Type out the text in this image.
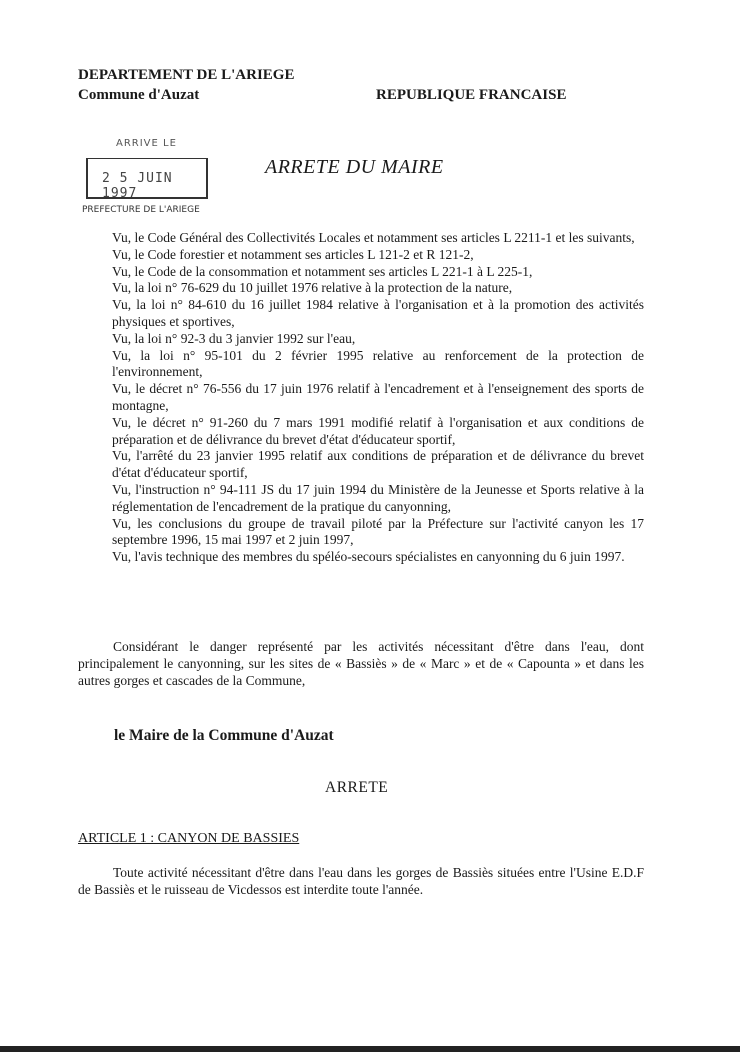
DEPARTEMENT DE L'ARIEGE
Commune d'Auzat	REPUBLIQUE FRANCAISE
ARRIVE LE
2 5 JUIN 1997
PREFECTURE DE L'ARIEGE
ARRETE DU MAIRE
Vu, le Code Général des Collectivités Locales et notamment ses articles L 2211-1 et les suivants,
Vu, le Code forestier et notamment ses articles L 121-2 et R 121-2,
Vu, le Code de la consommation et notamment ses articles L 221-1 à L 225-1,
Vu, la loi n° 76-629 du 10 juillet 1976 relative à la protection de la nature,
Vu, la loi n° 84-610 du 16 juillet 1984 relative à l'organisation et à la promotion des activités physiques et sportives,
Vu, la loi n° 92-3 du 3 janvier 1992 sur l'eau,
Vu, la loi n° 95-101 du 2 février 1995 relative au renforcement de la protection de l'environnement,
Vu, le décret n° 76-556 du 17 juin 1976 relatif à l'encadrement et à l'enseignement des sports de montagne,
Vu, le décret n° 91-260 du 7 mars 1991 modifié relatif à l'organisation et aux conditions de préparation et de délivrance du brevet d'état d'éducateur sportif,
Vu, l'arrêté du 23 janvier 1995 relatif aux conditions de préparation et de délivrance du brevet d'état d'éducateur sportif,
Vu, l'instruction n° 94-111 JS du 17 juin 1994 du Ministère de la Jeunesse et Sports relative à la réglementation de l'encadrement de la pratique du canyonning,
Vu, les conclusions du groupe de travail piloté par la Préfecture sur l'activité canyon les 17 septembre 1996, 15 mai 1997 et 2 juin 1997,
Vu, l'avis technique des membres du spéléo-secours spécialistes en canyonning du 6 juin 1997.
Considérant le danger représenté par les activités nécessitant d'être dans l'eau, dont principalement le canyonning, sur les sites de « Bassiès » de « Marc » et de « Capounta » et dans les autres gorges et cascades de la Commune,
le Maire de la Commune d'Auzat
ARRETE
ARTICLE 1 : CANYON DE BASSIES
Toute activité nécessitant d'être dans l'eau dans les gorges de Bassiès situées entre l'Usine E.D.F de Bassiès et le ruisseau de Vicdessos est interdite toute l'année.
